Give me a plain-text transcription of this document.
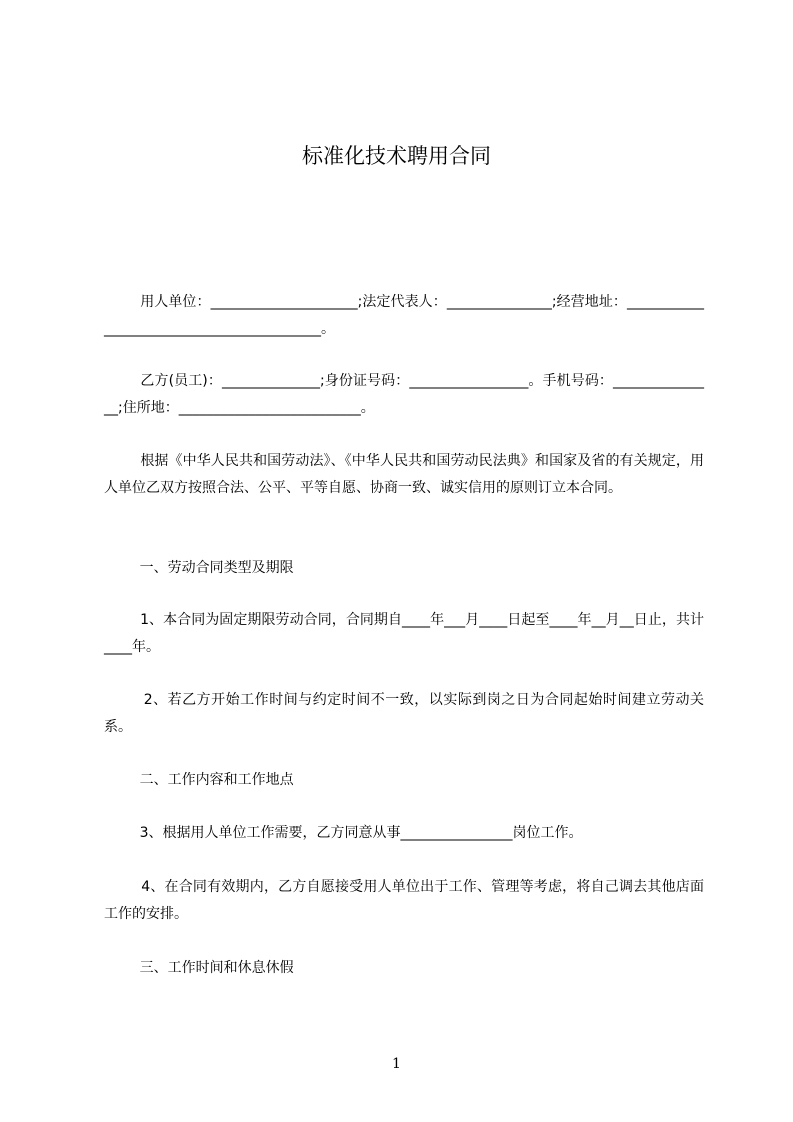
标准化技术聘用合同

用人单位：_____________________;法定代表人：_______________;经营地址：__________________________________________。

乙方(员工)：______________;身份证号码：_________________。手机号码：_______________;住所地：__________________________。

根据《中华人民共和国劳动法》、《中华人民共和国劳动民法典》和国家及省的有关规定，用人单位乙双方按照合法、公平、平等自愿、协商一致、诚实信用的原则订立本合同。

一、劳动合同类型及期限

1、本合同为固定期限劳动合同，合同期自____年___月____日起至____年__月__日止，共计____年。

2、若乙方开始工作时间与约定时间不一致，以实际到岗之日为合同起始时间建立劳动关系。

二、工作内容和工作地点

3、根据用人单位工作需要，乙方同意从事________________岗位工作。

4、在合同有效期内，乙方自愿接受用人单位出于工作、管理等考虑，将自己调去其他店面工作的安排。

三、工作时间和休息休假

1
